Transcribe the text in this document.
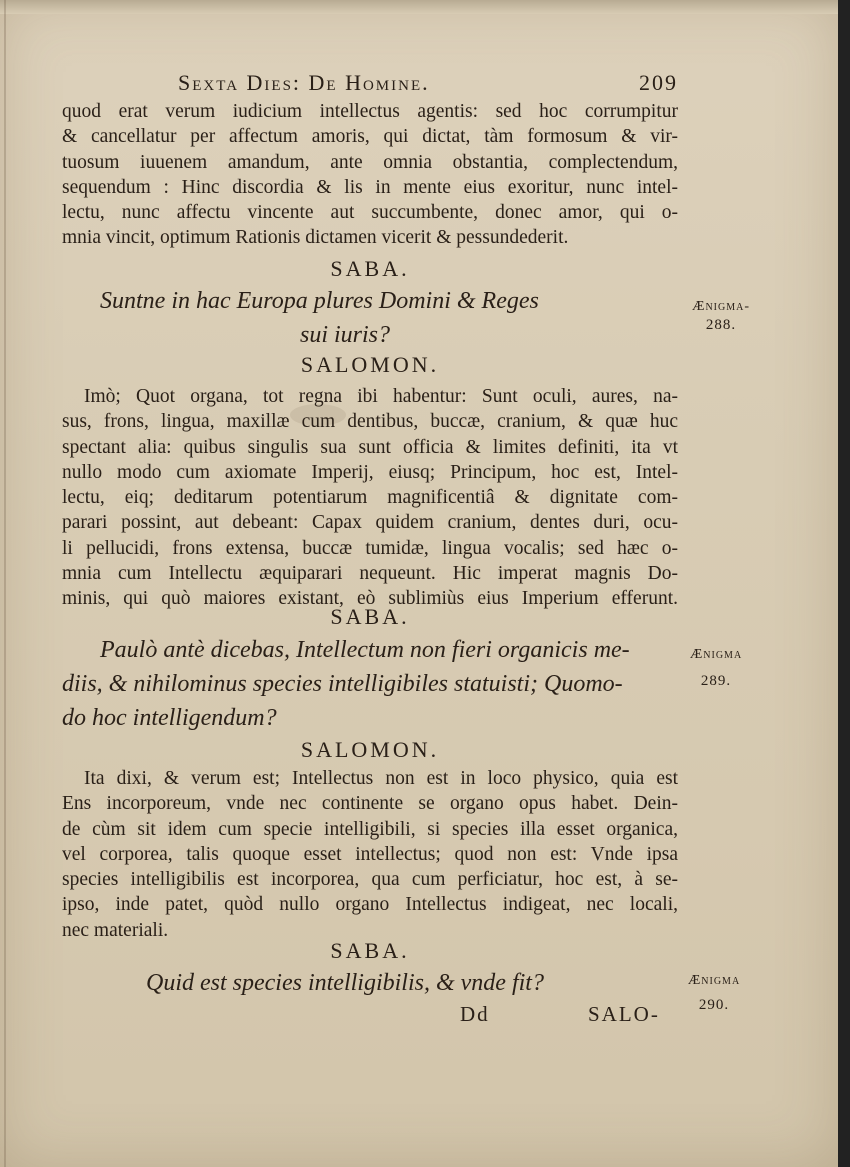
Sexta Dies: De Homine.	209
quod erat verum iudicium intellectus agentis: sed hoc corrumpitur
& cancellatur per affectum amoris, qui dictat, tàm formosum & vir-
tuosum iuuenem amandum, ante omnia obstantia, complectendum,
sequendum : Hinc discordia & lis in mente eius exoritur, nunc intel-
lectu, nunc affectu vincente aut succumbente, donec amor, qui o-
mnia vincit, optimum Rationis dictamen vicerit & pessundederit.
SABA.
Suntne in hac Europa plures Domini & Reges
sui iuris?
Ænigma-
288.
SALOMON.
Imò; Quot organa, tot regna ibi habentur: Sunt oculi, aures, na-
sus, frons, lingua, maxillæ cum dentibus, buccæ, cranium, & quæ huc
spectant alia: quibus singulis sua sunt officia & limites definiti, ita vt
nullo modo cum axiomate Imperij, eiusq; Principum, hoc est, Intel-
lectu, eiq; deditarum potentiarum magnificentiâ & dignitate com-
parari possint, aut debeant: Capax quidem cranium, dentes duri, ocu-
li pellucidi, frons extensa, buccæ tumidæ, lingua vocalis; sed hæc o-
mnia cum Intellectu æquiparari nequeunt. Hic imperat magnis Do-
minis, qui quò maiores existant, eò sublimiùs eius Imperium efferunt.
SABA.
Paulò antè dicebas, Intellectum non fieri organicis me-
diis, & nihilominus species intelligibiles statuisti; Quomo-
do hoc intelligendum?
Ænigma
289.
SALOMON.
Ita dixi, & verum est; Intellectus non est in loco physico, quia est
Ens incorporeum, vnde nec continente se organo opus habet. Dein-
de cùm sit idem cum specie intelligibili, si species illa esset organica,
vel corporea, talis quoque esset intellectus; quod non est: Vnde ipsa
species intelligibilis est incorporea, qua cum perficiatur, hoc est, à se-
ipso, inde patet, quòd nullo organo Intellectus indigeat, nec locali,
nec materiali.
SABA.
Quid est species intelligibilis, & vnde fit?	Ænigma
290.
Dd	SALO-
